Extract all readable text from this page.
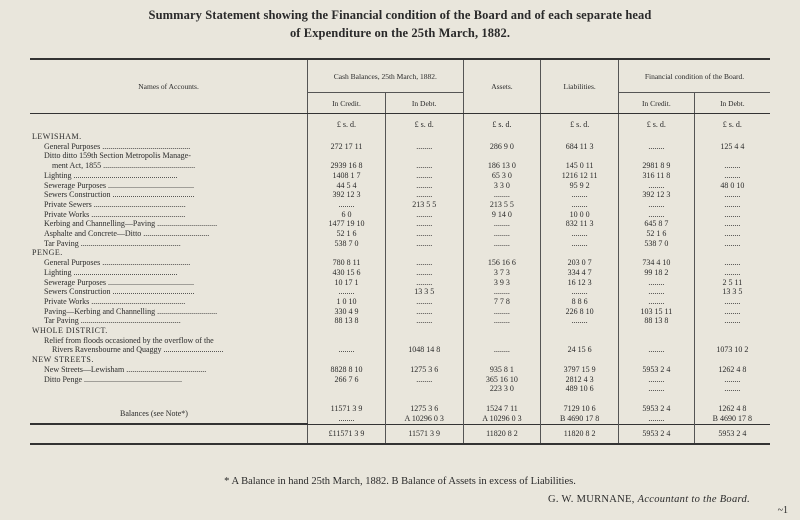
Summary Statement showing the Financial condition of the Board and of each separate head
of Expenditure on the 25th March, 1882.
Names of Accounts.	Cash Balances, 25th March, 1882.		Assets.	Liabilities.	Financial condition of the Board.	
	In Credit.	In Debt.			In Credit.	In Debt.
	£ s. d.	£ s. d.	£ s. d.	£ s. d.	£ s. d.	£ s. d.
LEWISHAM.						
General Purposes ............................................	272 17 11	........	286 9 0	684 11 3	........	125 4 4
Ditto ditto 159th Section Metropolis Manage-						
ment Act, 1855 ..............................................	2939 16 8	........	186 13 0	145 0 11	2981 8 9	........
Lighting ....................................................	1408 1 7	........	65 3 0	1216 12 11	316 11 8	........
Sewerage Purposes ...........................................	44 5 4	........	3 3 0	95 9 2	........	48 0 10
Sewers Construction .........................................	392 12 3	........	........	........	392 12 3	........
Private Sewers ..............................................	........	213 5 5	213 5 5	........	........	........
Private Works ...............................................	6 0	........	9 14 0	10 0 0	........	........
Kerbing and Channelling—Paving ..............................	1477 19 10	........	........	832 11 3	645 8 7	........
Asphalte and Concrete—Ditto .................................	52 1 6	........	........	........	52 1 6	........
Tar Paving ..................................................	538 7 0	........	........	........	538 7 0	........
PENGE.						
General Purposes ............................................	780 8 11	........	156 16 6	203 0 7	734 4 10	........
Lighting ....................................................	430 15 6	........	3 7 3	334 4 7	99 18 2	........
Sewerage Purposes ...........................................	10 17 1	........	3 9 3	16 12 3	........	2 5 11
Sewers Construction .........................................	........	13 3 5	........	........	........	13 3 5
Private Works ...............................................	1 0 10	........	7 7 8	8 8 6	........	........
Paving—Kerbing and Channelling ..............................	330 4 9	........	........	226 8 10	103 15 11	........
Tar Paving ..................................................	88 13 8	........	........	........	88 13 8	........
WHOLE DISTRICT.						
Relief from floods occasioned by the overflow of the						
Rivers Ravensbourne and Quaggy ..............................	........	1048 14 8	........	24 15 6	........	1073 10 2
NEW STREETS.						
New Streets—Lewisham ........................................	8828 8 10	1275 3 6	935 8 1	3797 15 9	5953 2 4	1262 4 8
Ditto Penge .................................................	266 7 6	........	365 16 10	2812 4 3	........	........
			223 3 0	489 10 6	........	........

Balances (see Note*)	11571 3 9	1275 3 6	1524 7 11	7129 10 6	5953 2 4	1262 4 8
	........	A 10296 0 3	A 10296 0 3	B 4690 17 8	........	B 4690 17 8
	£11571 3 9	11571 3 9	11820 8 2	11820 8 2	5953 2 4	5953 2 4

* A Balance in hand 25th March, 1882. B Balance of Assets in excess of Liabilities.
G. W. MURNANE, Accountant to the Board.
~1
